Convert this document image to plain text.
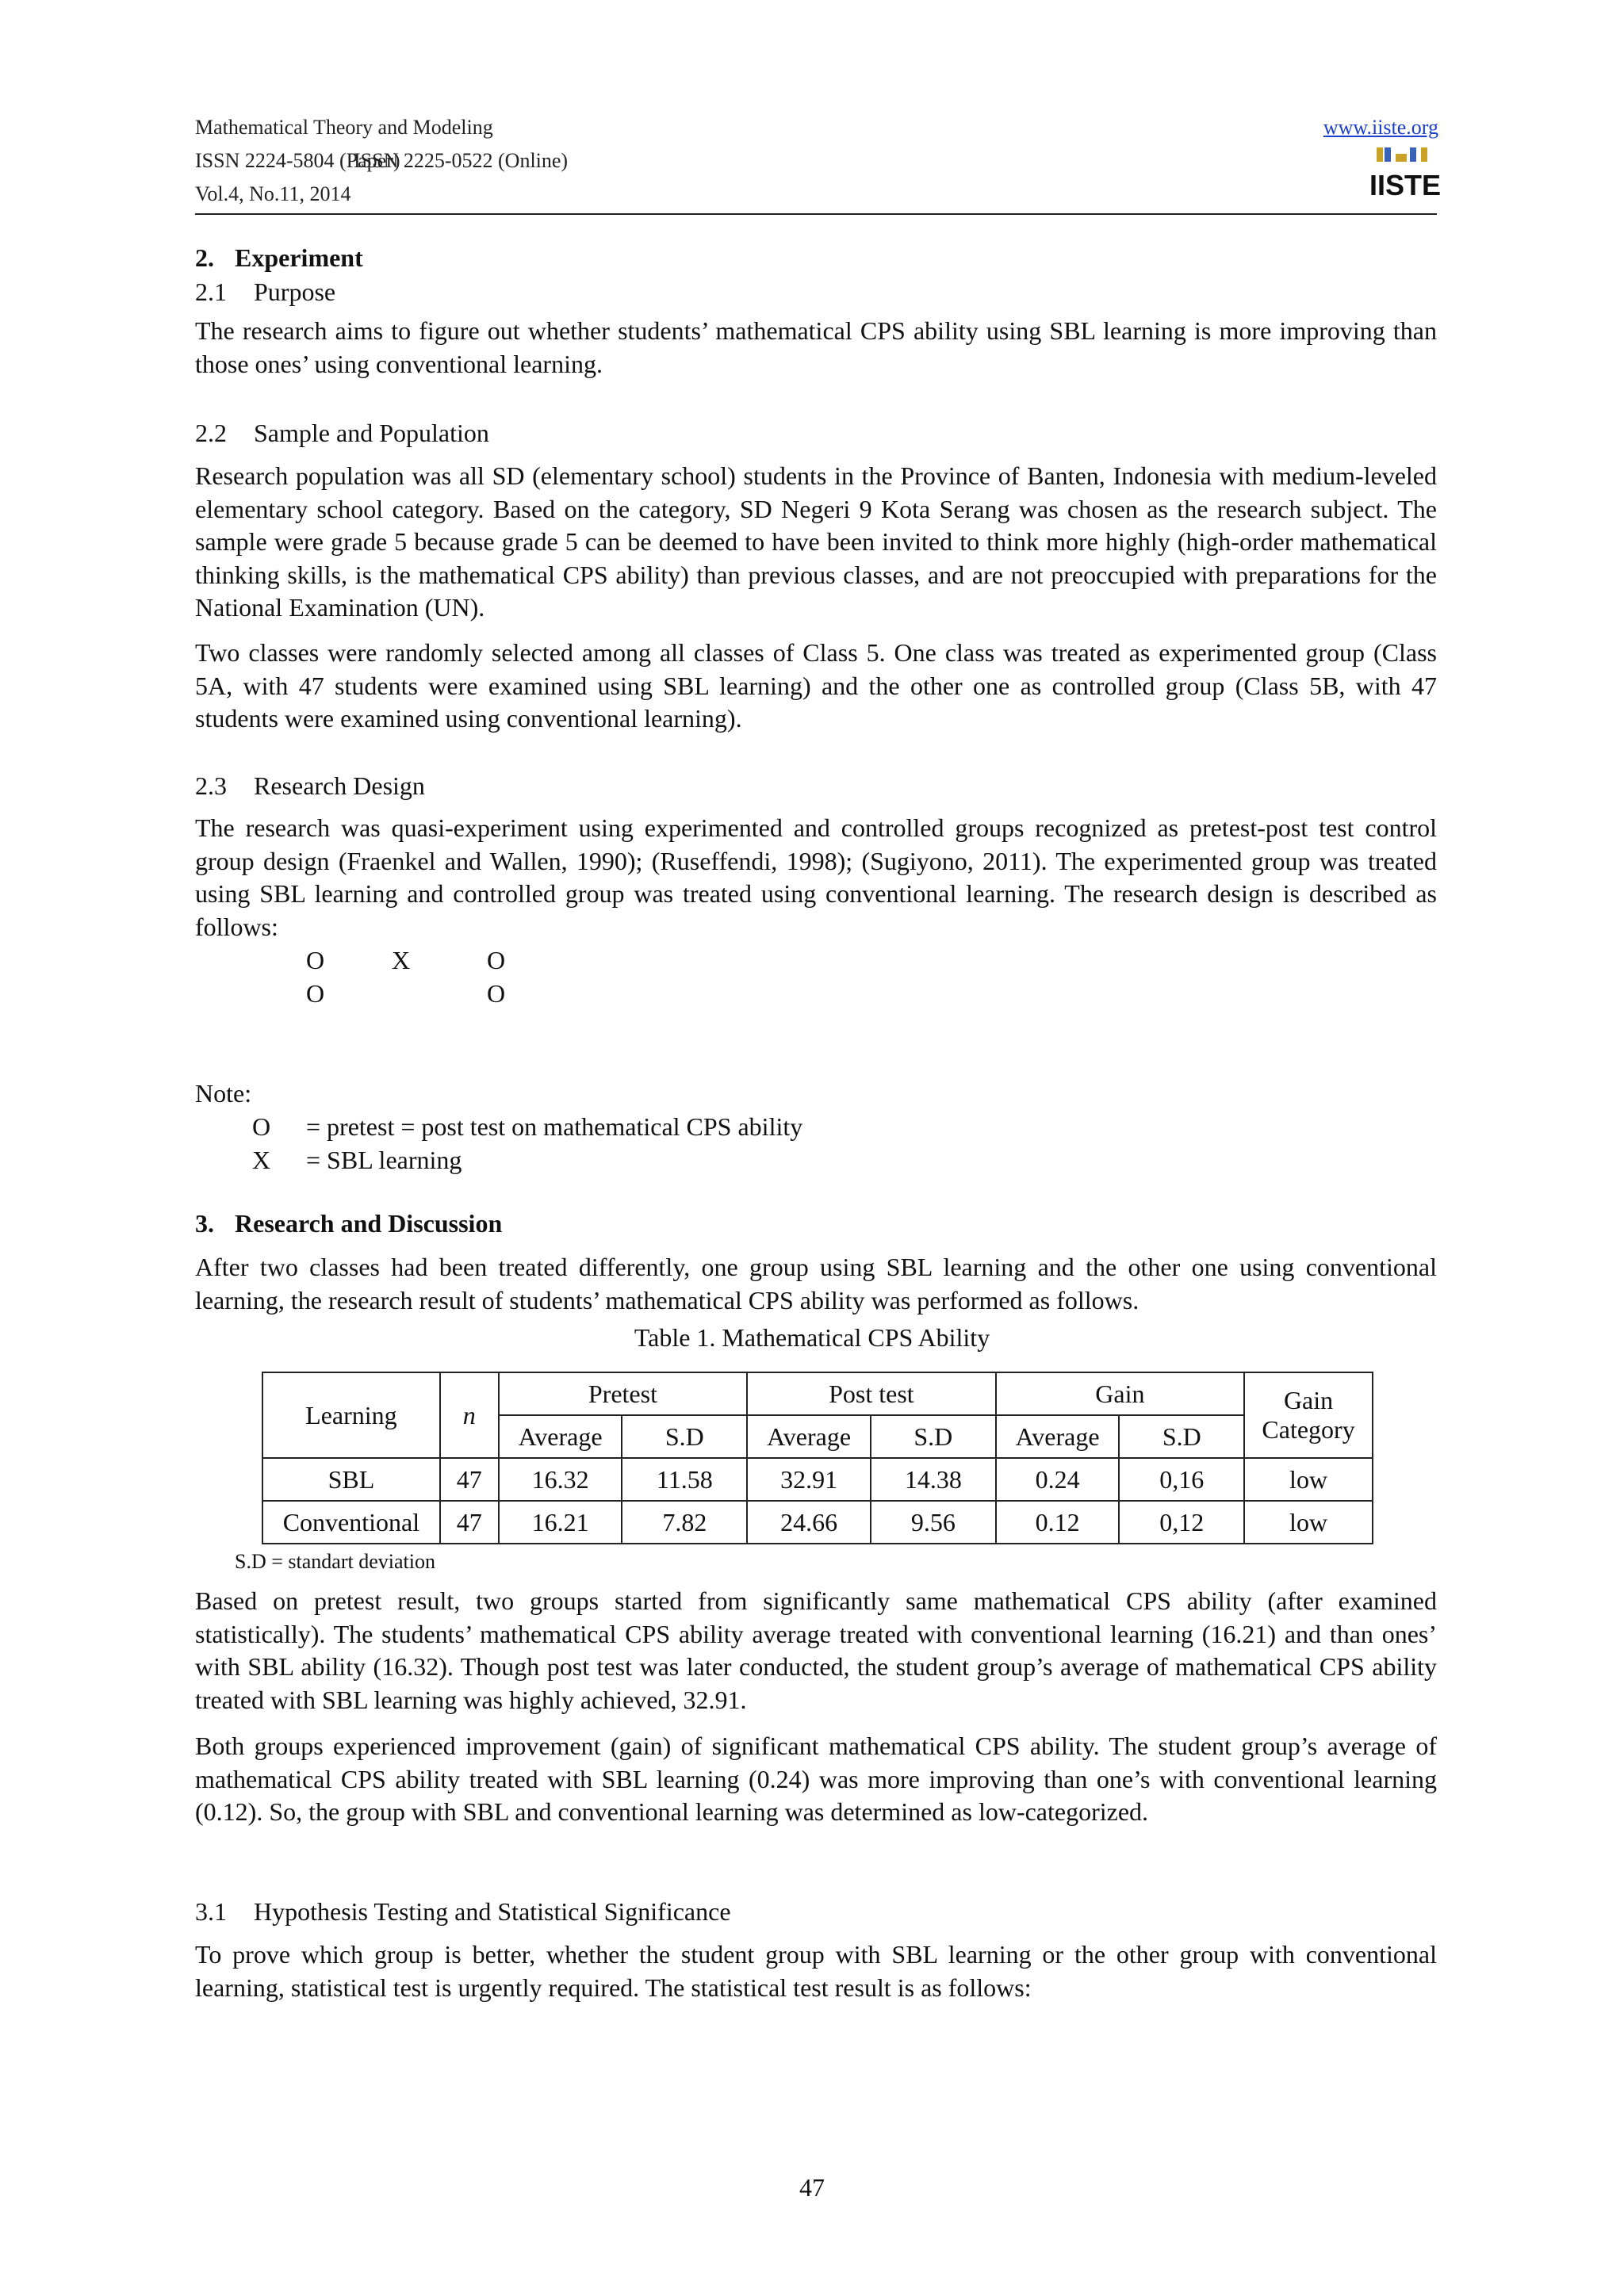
Mathematical Theory and Modeling
ISSN 2224-5804 (Paper)
ISSN 2225-0522 (Online)
Vol.4, No.11, 2014
www.iiste.org
IISTE
2. Experiment
2.1 Purpose

The research aims to figure out whether students’ mathematical CPS ability using SBL learning is more improving than those ones’ using conventional learning.

2.2 Sample and Population

Research population was all SD (elementary school) students in the Province of Banten, Indonesia with medium-leveled elementary school category. Based on the category, SD Negeri 9 Kota Serang was chosen as the research subject. The sample were grade 5 because grade 5 can be deemed to have been invited to think more highly (high-order mathematical thinking skills, is the mathematical CPS ability) than previous classes, and are not preoccupied with preparations for the National Examination (UN).

Two classes were randomly selected among all classes of Class 5. One class was treated as experimented group (Class 5A, with 47 students were examined using SBL learning) and the other one as controlled group (Class 5B, with 47 students were examined using conventional learning).

2.3 Research Design

The research was quasi-experiment using experimented and controlled groups recognized as pretest-post test control group design (Fraenkel and Wallen, 1990); (Ruseffendi, 1998); (Sugiyono, 2011). The experimented group was treated using SBL learning and controlled group was treated using conventional learning. The research design is described as follows:

O	X	O
O	O
Note:
O = pretest = post test on mathematical CPS ability
X = SBL learning
3. Research and Discussion

After two classes had been treated differently, one group using SBL learning and the other one using conventional learning, the research result of students’ mathematical CPS ability was performed as follows.

Table 1. Mathematical CPS Ability
Learning	n	Pretest		Post test		Gain		Gain
Category

		Average	S.D	Average	S.D	Average	S.D	
SBL	47	16.32	11.58	32.91	14.38	0.24	0,16	low
Conventional	47	16.21	7.82	24.66	9.56	0.12	0,12	low
S.D = standart deviation

Based on pretest result, two groups started from significantly same mathematical CPS ability (after examined statistically). The students’ mathematical CPS ability average treated with conventional learning (16.21) and than ones’ with SBL ability (16.32). Though post test was later conducted, the student group’s average of mathematical CPS ability treated with SBL learning was highly achieved, 32.91.

Both groups experienced improvement (gain) of significant mathematical CPS ability. The student group’s average of mathematical CPS ability treated with SBL learning (0.24) was more improving than one’s with conventional learning (0.12). So, the group with SBL and conventional learning was determined as low-categorized.

3.1 Hypothesis Testing and Statistical Significance

To prove which group is better, whether the student group with SBL learning or the other group with conventional learning, statistical test is urgently required. The statistical test result is as follows:

47
